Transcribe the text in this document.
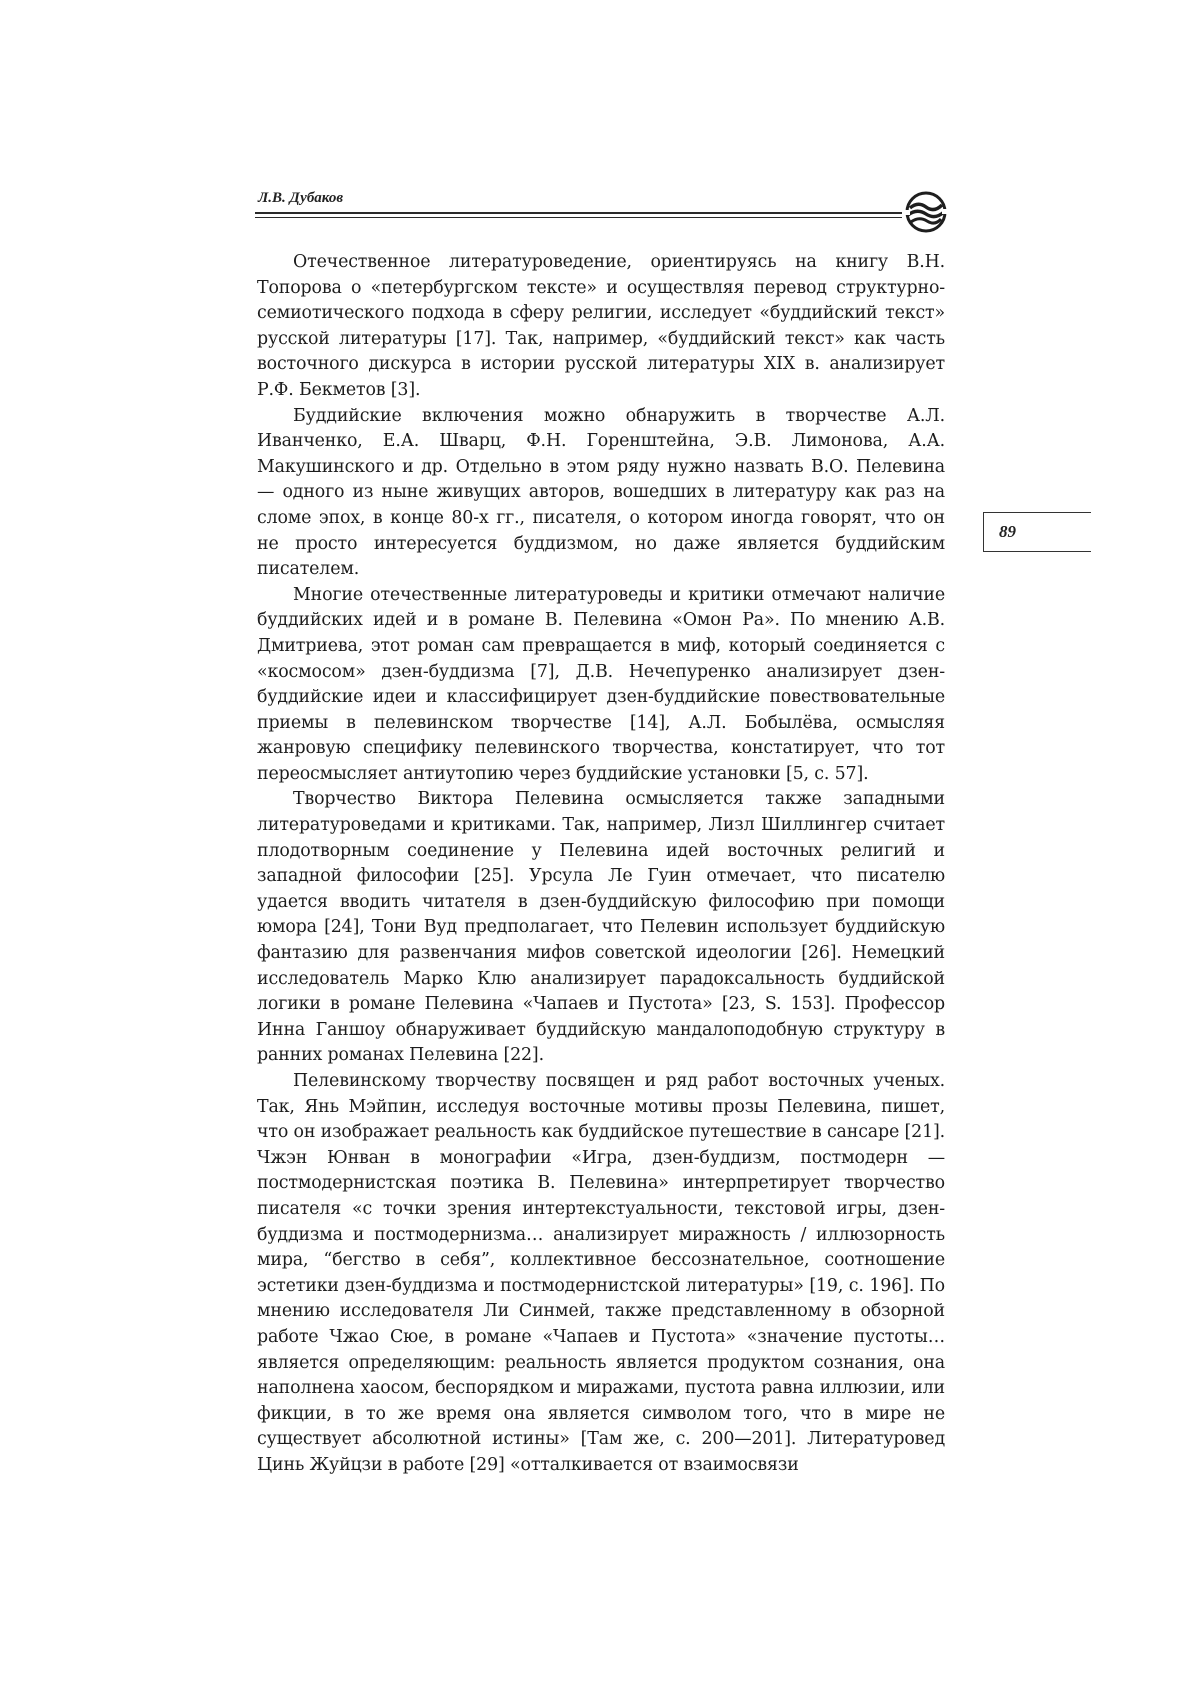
Л.В. Дубаков
89

Отечественное литературоведение, ориентируясь на книгу В.Н. Топорова о «петербургском тексте» и осуществляя перевод структурно-семиотического подхода в сферу религии, исследует «буддийский текст» русской литературы [17]. Так, например, «буддийский текст» как часть восточного дискурса в истории русской литературы XIX в. анализирует Р.Ф. Бекметов [3].

Буддийские включения можно обнаружить в творчестве А.Л. Иванченко, Е.А. Шварц, Ф.Н. Горенштейна, Э.В. Лимонова, А.А. Макушинского и др. Отдельно в этом ряду нужно назвать В.О. Пелевина — одного из ныне живущих авторов, вошедших в литературу как раз на сломе эпох, в конце 80-х гг., писателя, о котором иногда говорят, что он не просто интересуется буддизмом, но даже является буддийским писателем.

Многие отечественные литературоведы и критики отмечают наличие буддийских идей и в романе В. Пелевина «Омон Ра». По мнению А.В. Дмитриева, этот роман сам превращается в миф, который соединяется с «космосом» дзен-буддизма [7], Д.В. Нечепуренко анализирует дзен-буддийские идеи и классифицирует дзен-буддийские повествовательные приемы в пелевинском творчестве [14], А.Л. Бобылёва, осмысляя жанровую специфику пелевинского творчества, констатирует, что тот переосмысляет антиутопию через буддийские установки [5, с. 57].

Творчество Виктора Пелевина осмысляется также западными литературоведами и критиками. Так, например, Лизл Шиллингер считает плодотворным соединение у Пелевина идей восточных религий и западной философии [25]. Урсула Ле Гуин отмечает, что писателю удается вводить читателя в дзен-буддийскую философию при помощи юмора [24], Тони Вуд предполагает, что Пелевин использует буддийскую фантазию для развенчания мифов советской идеологии [26]. Немецкий исследователь Марко Клю анализирует парадоксальность буддийской логики в романе Пелевина «Чапаев и Пустота» [23, S. 153]. Профессор Инна Ганшоу обнаруживает буддийскую мандалоподобную структуру в ранних романах Пелевина [22].

Пелевинскому творчеству посвящен и ряд работ восточных ученых. Так, Янь Мэйпин, исследуя восточные мотивы прозы Пелевина, пишет, что он изображает реальность как буддийское путешествие в сансаре [21]. Чжэн Юнван в монографии «Игра, дзен-буддизм, постмодерн — постмодернистская поэтика В. Пелевина» интерпретирует творчество писателя «с точки зрения интертекстуальности, текстовой игры, дзен-буддизма и постмодернизма… анализирует миражность / иллюзорность мира, “бегство в себя”, коллективное бессознательное, соотношение эстетики дзен-буддизма и постмодернистской литературы» [19, с. 196]. По мнению исследователя Ли Синмей, также представленному в обзорной работе Чжао Сюе, в романе «Чапаев и Пустота» «значение пустоты… является определяющим: реальность является продуктом сознания, она наполнена хаосом, беспорядком и миражами, пустота равна иллюзии, или фикции, в то же время она является символом того, что в мире не существует абсолютной истины» [Там же, с. 200—201]. Литературовед Цинь Жуйцзи в работе [29] «отталкивается от взаимосвязи
